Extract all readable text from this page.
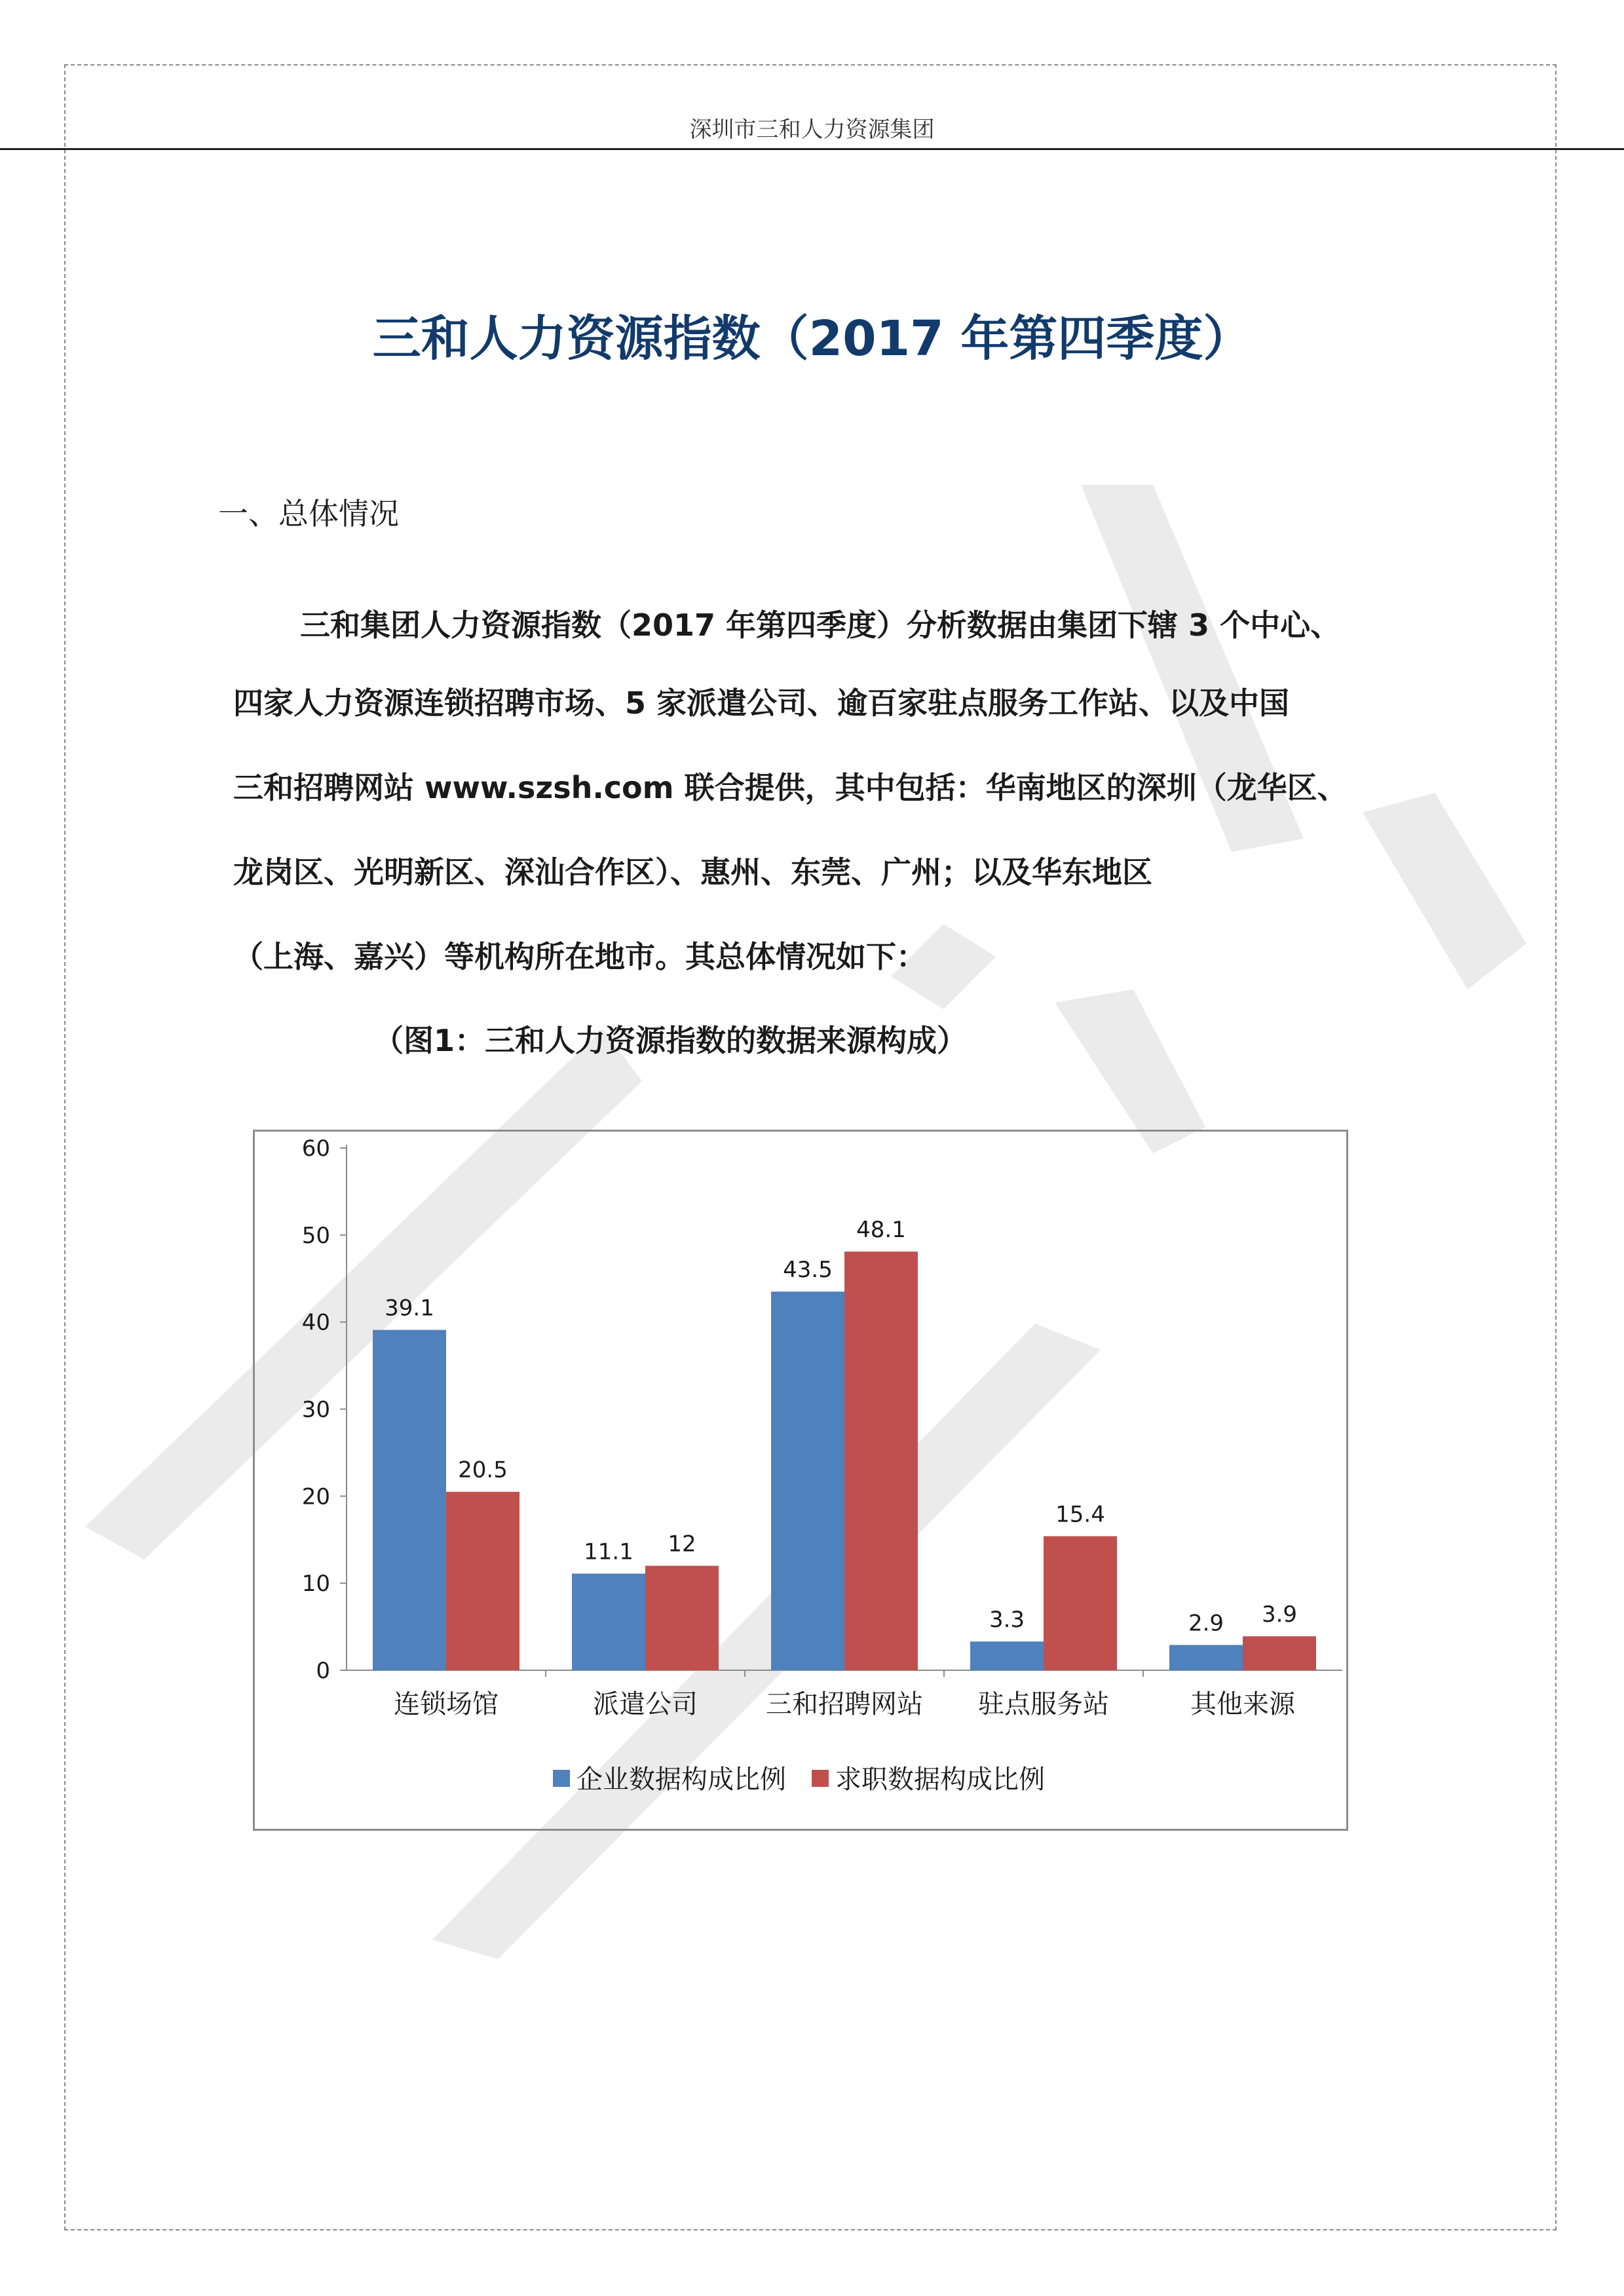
深圳市三和人力资源集团
三和人力资源指数（2017 年第四季度）
一、总体情况
三和集团人力资源指数（2017 年第四季度）分析数据由集团下辖 3 个中心、
四家人力资源连锁招聘市场、5 家派遣公司、逾百家驻点服务工作站、以及中国
三和招聘网站 www.szsh.com 联合提供，其中包括：华南地区的深圳（龙华区、
龙岗区、光明新区、深汕合作区）、惠州、东莞、广州；以及华东地区
（上海、嘉兴）等机构所在地市。其总体情况如下：
（图1：三和人力资源指数的数据来源构成）
0
10
20
30
40
50
60
39.1
20.5
连锁场馆
11.1 12
派遣公司
43.5
48.1
三和招聘网站
3.3
15.4
驻点服务站
2.9 3.9
其他来源
企业数据构成比例 求职数据构成比例
